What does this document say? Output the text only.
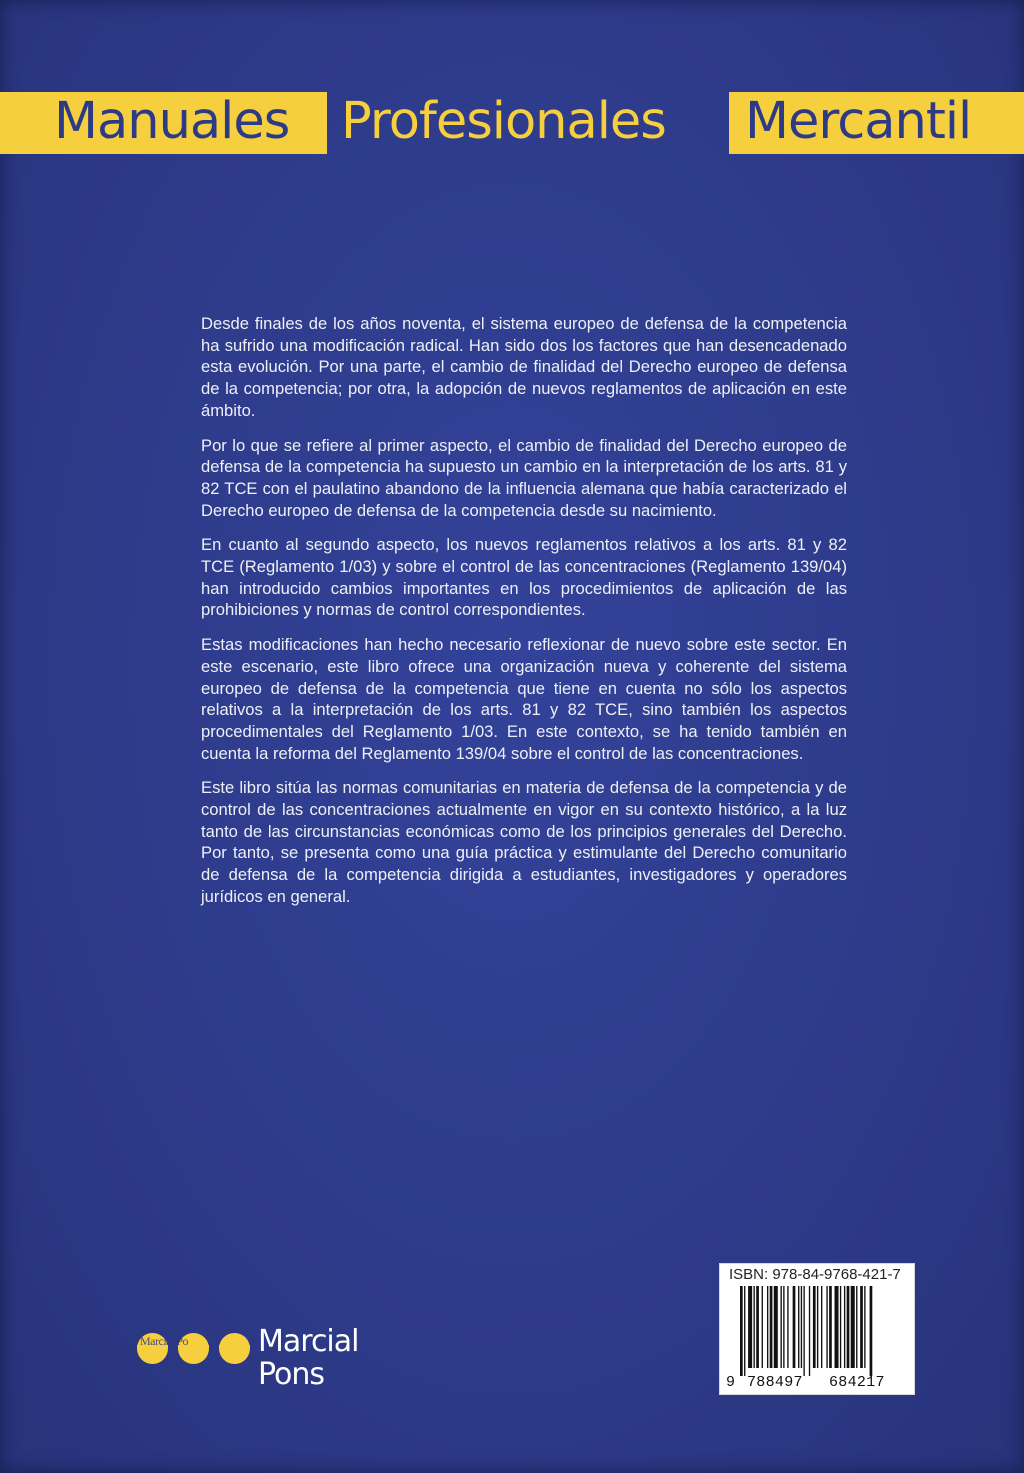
Manuales	Profesionales	Mercantil

Desde finales de los años noventa, el sistema europeo de defensa de la competencia ha sufrido una modificación radical. Han sido dos los factores que han desencadenado esta evolución. Por una parte, el cambio de finalidad del Derecho europeo de defensa de la competencia; por otra, la adopción de nuevos reglamentos de aplicación en este ámbito.

Por lo que se refiere al primer aspecto, el cambio de finalidad del Derecho europeo de defensa de la competencia ha supuesto un cambio en la interpretación de los arts. 81 y 82 TCE con el paulatino abandono de la influencia alemana que había caracterizado el Derecho europeo de defensa de la competencia desde su nacimiento.

En cuanto al segundo aspecto, los nuevos reglamentos relativos a los arts. 81 y 82 TCE (Reglamento 1/03) y sobre el control de las concentraciones (Reglamento 139/04) han introducido cambios importantes en los procedimientos de aplicación de las prohibiciones y normas de control correspondientes.

Estas modificaciones han hecho necesario reflexionar de nuevo sobre este sector. En este escenario, este libro ofrece una organización nueva y coherente del sistema europeo de defensa de la competencia que tiene en cuenta no sólo los aspectos relativos a la interpretación de los arts. 81 y 82 TCE, sino también los aspectos procedimentales del Reglamento 1/03. En este contexto, se ha tenido también en cuenta la reforma del Reglamento 139/04 sobre el control de las concentraciones.

Este libro sitúa las normas comunitarias en materia de defensa de la competencia y de control de las concentraciones actualmente en vigor en su contexto histórico, a la luz tanto de las circunstancias económicas como de los principios generales del Derecho. Por tanto, se presenta como una guía práctica y estimulante del Derecho comunitario de defensa de la competencia dirigida a estudiantes, investigadores y operadores jurídicos en general.

Marcial Po Marcial
Pons
ISBN: 978-84-9768-421-7
9 788497 684217
